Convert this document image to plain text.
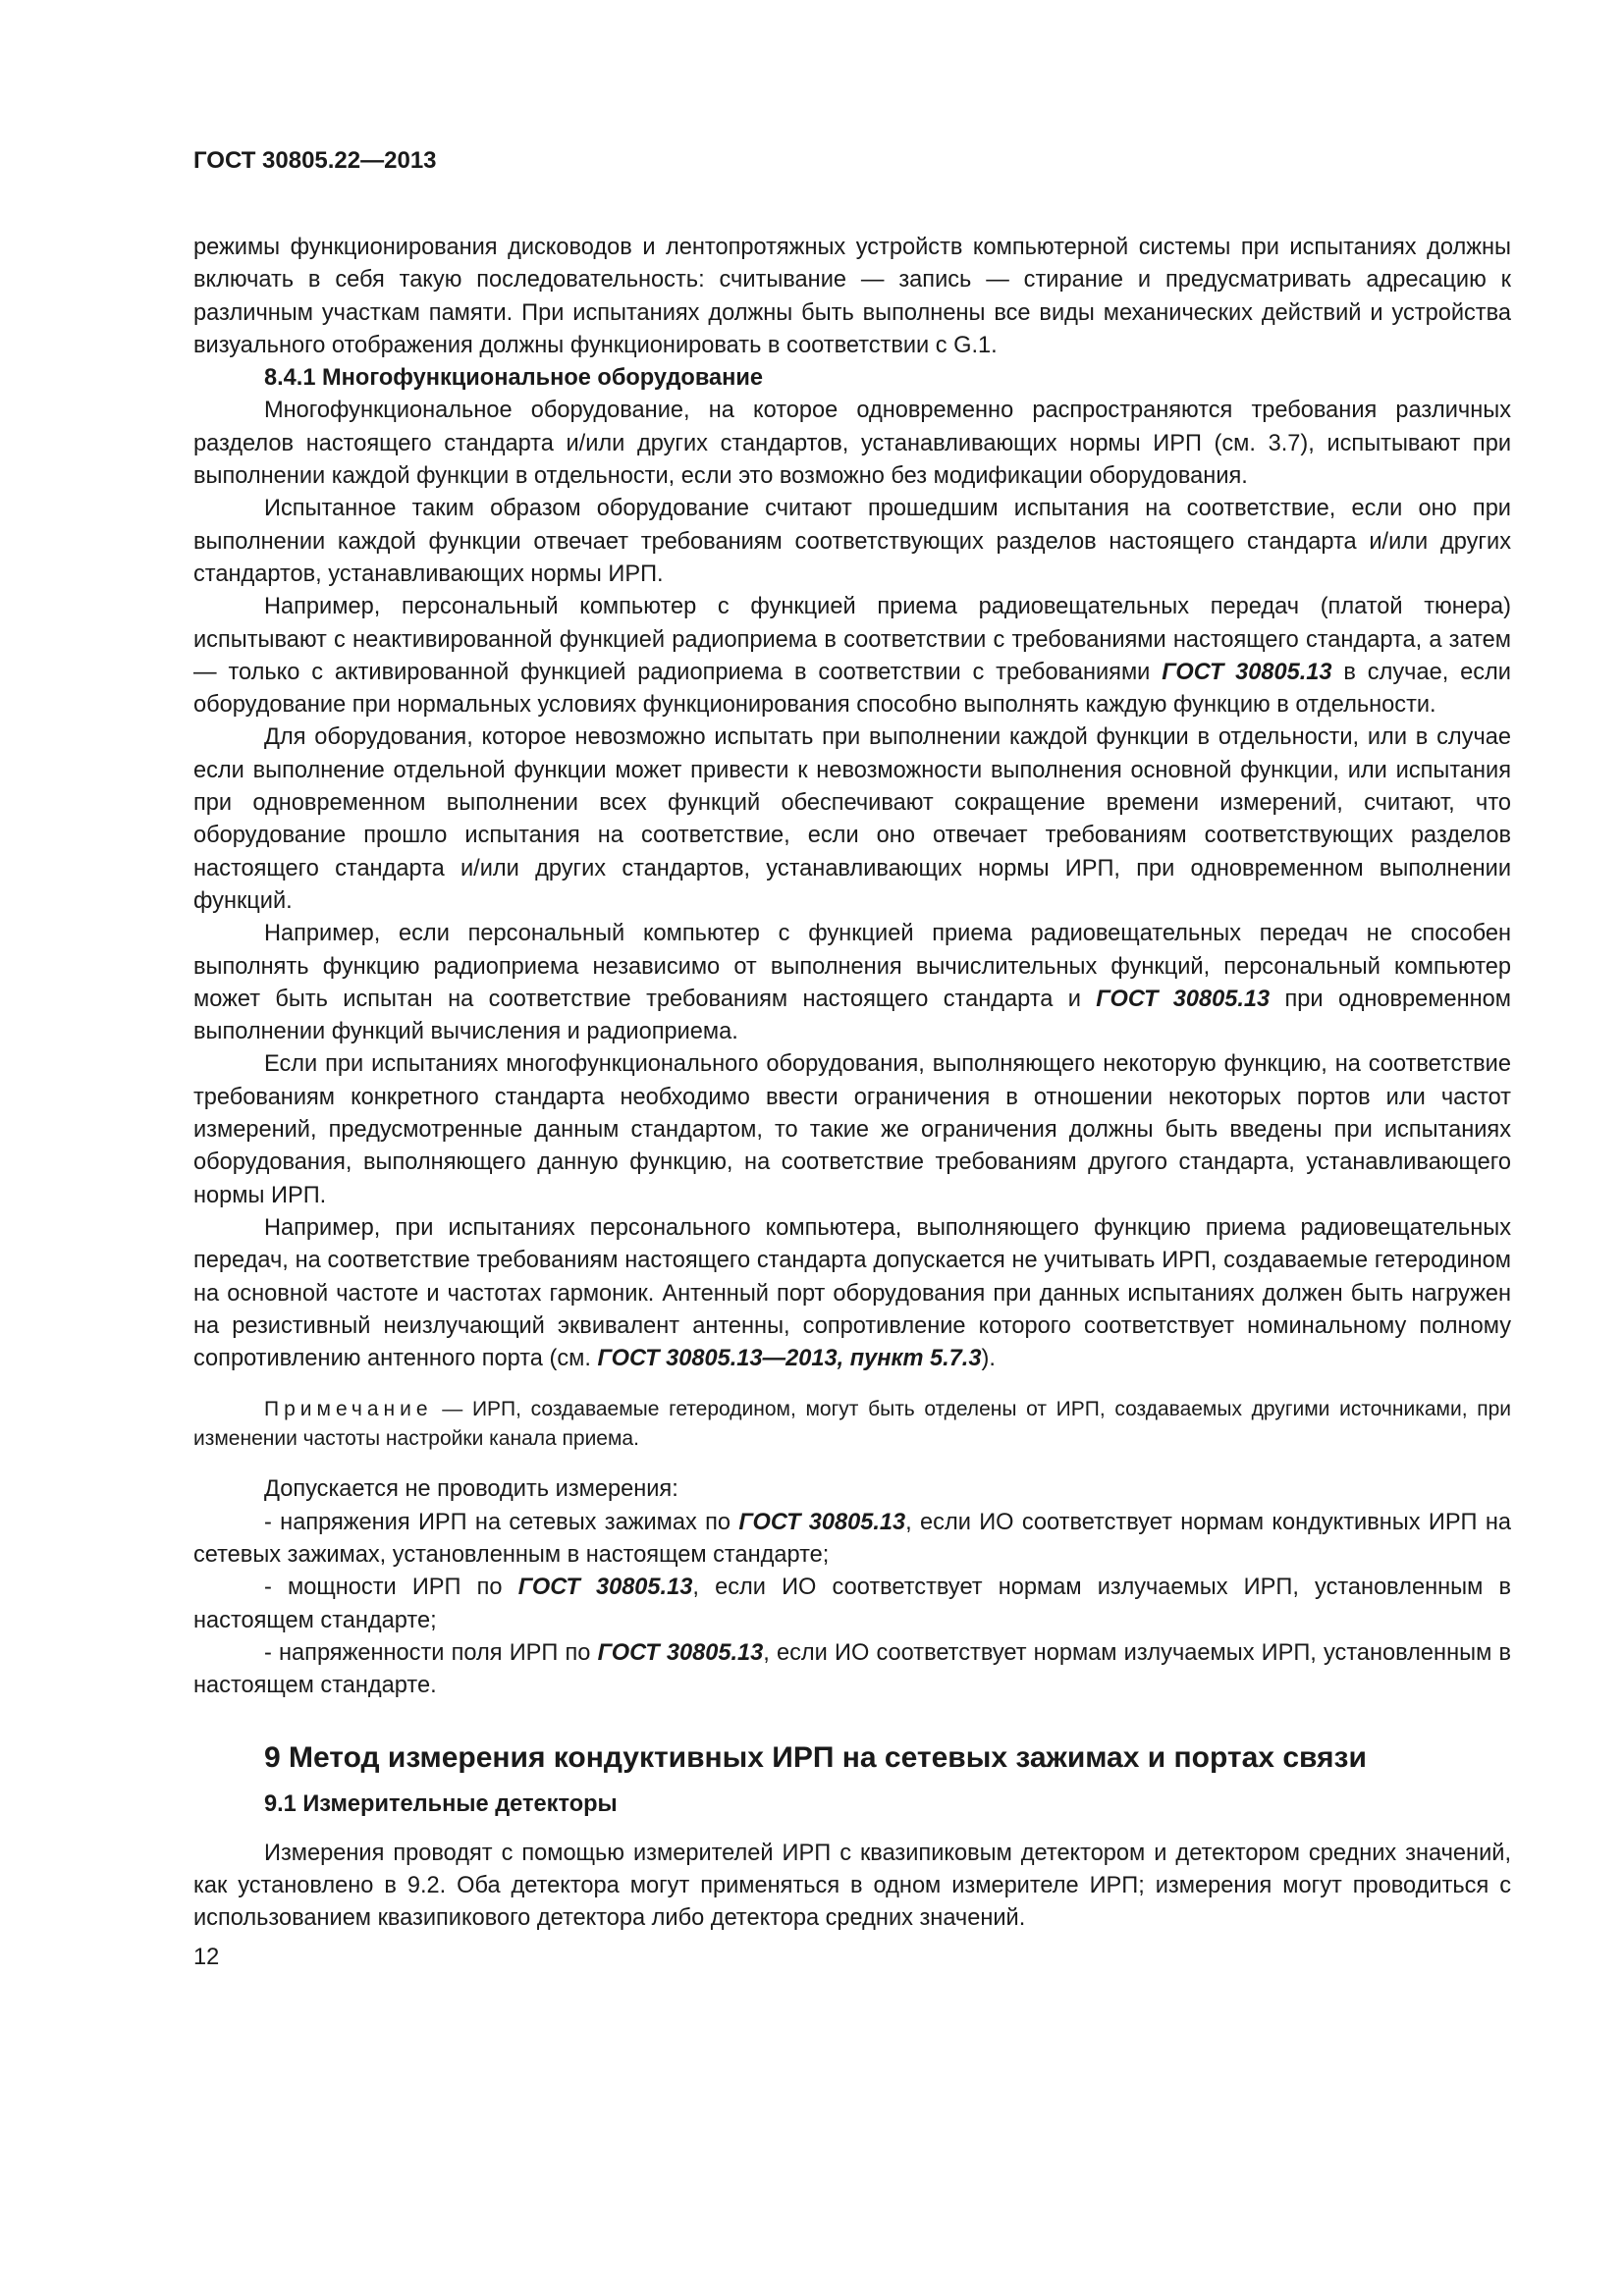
ГОСТ 30805.22—2013

режимы функционирования дисководов и лентопротяжных устройств компьютерной системы при испытаниях должны включать в себя такую последовательность: считывание — запись — стирание и предусматривать адресацию к различным участкам памяти. При испытаниях должны быть выполнены все виды механических действий и устройства визуального отображения должны функционировать в соответствии с G.1.

8.4.1 Многофункциональное оборудование

Многофункциональное оборудование, на которое одновременно распространяются требования различных разделов настоящего стандарта и/или других стандартов, устанавливающих нормы ИРП (см. 3.7), испытывают при выполнении каждой функции в отдельности, если это возможно без модификации оборудования.

Испытанное таким образом оборудование считают прошедшим испытания на соответствие, если оно при выполнении каждой функции отвечает требованиям соответствующих разделов настоящего стандарта и/или других стандартов, устанавливающих нормы ИРП.

Например, персональный компьютер с функцией приема радиовещательных передач (платой тюнера) испытывают с неактивированной функцией радиоприема в соответствии с требованиями настоящего стандарта, а затем — только с активированной функцией радиоприема в соответствии с требованиями ГОСТ 30805.13 в случае, если оборудование при нормальных условиях функционирования способно выполнять каждую функцию в отдельности.

Для оборудования, которое невозможно испытать при выполнении каждой функции в отдельности, или в случае если выполнение отдельной функции может привести к невозможности выполнения основной функции, или испытания при одновременном выполнении всех функций обеспечивают сокращение времени измерений, считают, что оборудование прошло испытания на соответствие, если оно отвечает требованиям соответствующих разделов настоящего стандарта и/или других стандартов, устанавливающих нормы ИРП, при одновременном выполнении функций.

Например, если персональный компьютер с функцией приема радиовещательных передач не способен выполнять функцию радиоприема независимо от выполнения вычислительных функций, персональный компьютер может быть испытан на соответствие требованиям настоящего стандарта и ГОСТ 30805.13 при одновременном выполнении функций вычисления и радиоприема.

Если при испытаниях многофункционального оборудования, выполняющего некоторую функцию, на соответствие требованиям конкретного стандарта необходимо ввести ограничения в отношении некоторых портов или частот измерений, предусмотренные данным стандартом, то такие же ограничения должны быть введены при испытаниях оборудования, выполняющего данную функцию, на соответствие требованиям другого стандарта, устанавливающего нормы ИРП.

Например, при испытаниях персонального компьютера, выполняющего функцию приема радиовещательных передач, на соответствие требованиям настоящего стандарта допускается не учитывать ИРП, создаваемые гетеродином на основной частоте и частотах гармоник. Антенный порт оборудования при данных испытаниях должен быть нагружен на резистивный неизлучающий эквивалент антенны, сопротивление которого соответствует номинальному полному сопротивлению антенного порта (см. ГОСТ 30805.13—2013, пункт 5.7.3).

Примечание — ИРП, создаваемые гетеродином, могут быть отделены от ИРП, создаваемых другими источниками, при изменении частоты настройки канала приема.

Допускается не проводить измерения:

- напряжения ИРП на сетевых зажимах по ГОСТ 30805.13, если ИО соответствует нормам кондуктивных ИРП на сетевых зажимах, установленным в настоящем стандарте;

- мощности ИРП по ГОСТ 30805.13, если ИО соответствует нормам излучаемых ИРП, установленным в настоящем стандарте;

- напряженности поля ИРП по ГОСТ 30805.13, если ИО соответствует нормам излучаемых ИРП, установленным в настоящем стандарте.

9 Метод измерения кондуктивных ИРП на сетевых зажимах и портах связи
9.1 Измерительные детекторы

Измерения проводят с помощью измерителей ИРП с квазипиковым детектором и детектором средних значений, как установлено в 9.2. Оба детектора могут применяться в одном измерителе ИРП; измерения могут проводиться с использованием квазипикового детектора либо детектора средних значений.

12
